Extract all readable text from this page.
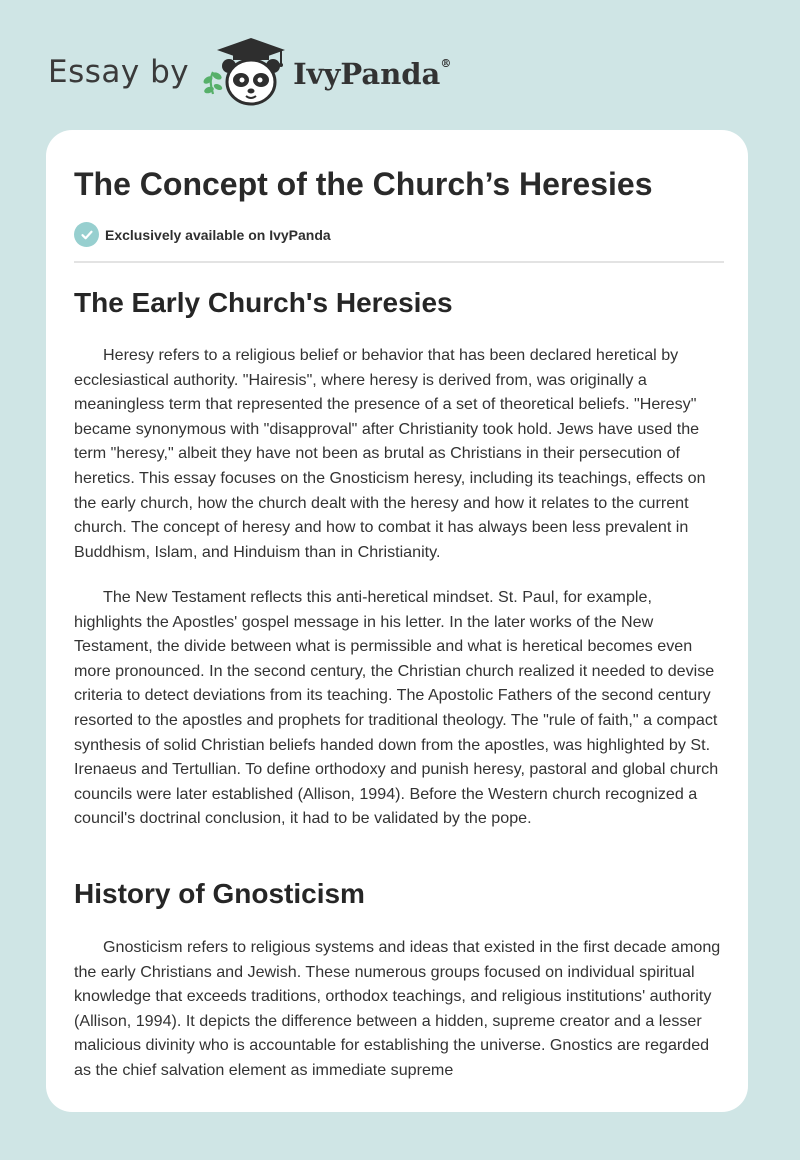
Essay by	IvyPanda®
The Concept of the Church’s Heresies
Exclusively available on IvyPanda
The Early Church's Heresies

Heresy refers to a religious belief or behavior that has been declared heretical by ecclesiastical authority. "Hairesis", where heresy is derived from, was originally a meaningless term that represented the presence of a set of theoretical beliefs. "Heresy" became synonymous with "disapproval" after Christianity took hold. Jews have used the term "heresy," albeit they have not been as brutal as Christians in their persecution of heretics. This essay focuses on the Gnosticism heresy, including its teachings, effects on the early church, how the church dealt with the heresy and how it relates to the current church. The concept of heresy and how to combat it has always been less prevalent in Buddhism, Islam, and Hinduism than in Christianity.

The New Testament reflects this anti-heretical mindset. St. Paul, for example, highlights the Apostles' gospel message in his letter. In the later works of the New Testament, the divide between what is permissible and what is heretical becomes even more pronounced. In the second century, the Christian church realized it needed to devise criteria to detect deviations from its teaching. The Apostolic Fathers of the second century resorted to the apostles and prophets for traditional theology. The "rule of faith," a compact synthesis of solid Christian beliefs handed down from the apostles, was highlighted by St. Irenaeus and Tertullian. To define orthodoxy and punish heresy, pastoral and global church councils were later established (Allison, 1994). Before the Western church recognized a council's doctrinal conclusion, it had to be validated by the pope.

History of Gnosticism

Gnosticism refers to religious systems and ideas that existed in the first decade among the early Christians and Jewish. These numerous groups focused on individual spiritual knowledge that exceeds traditions, orthodox teachings, and religious institutions' authority (Allison, 1994). It depicts the difference between a hidden, supreme creator and a lesser malicious divinity who is accountable for establishing the universe. Gnostics are regarded as the chief salvation element as immediate supreme
